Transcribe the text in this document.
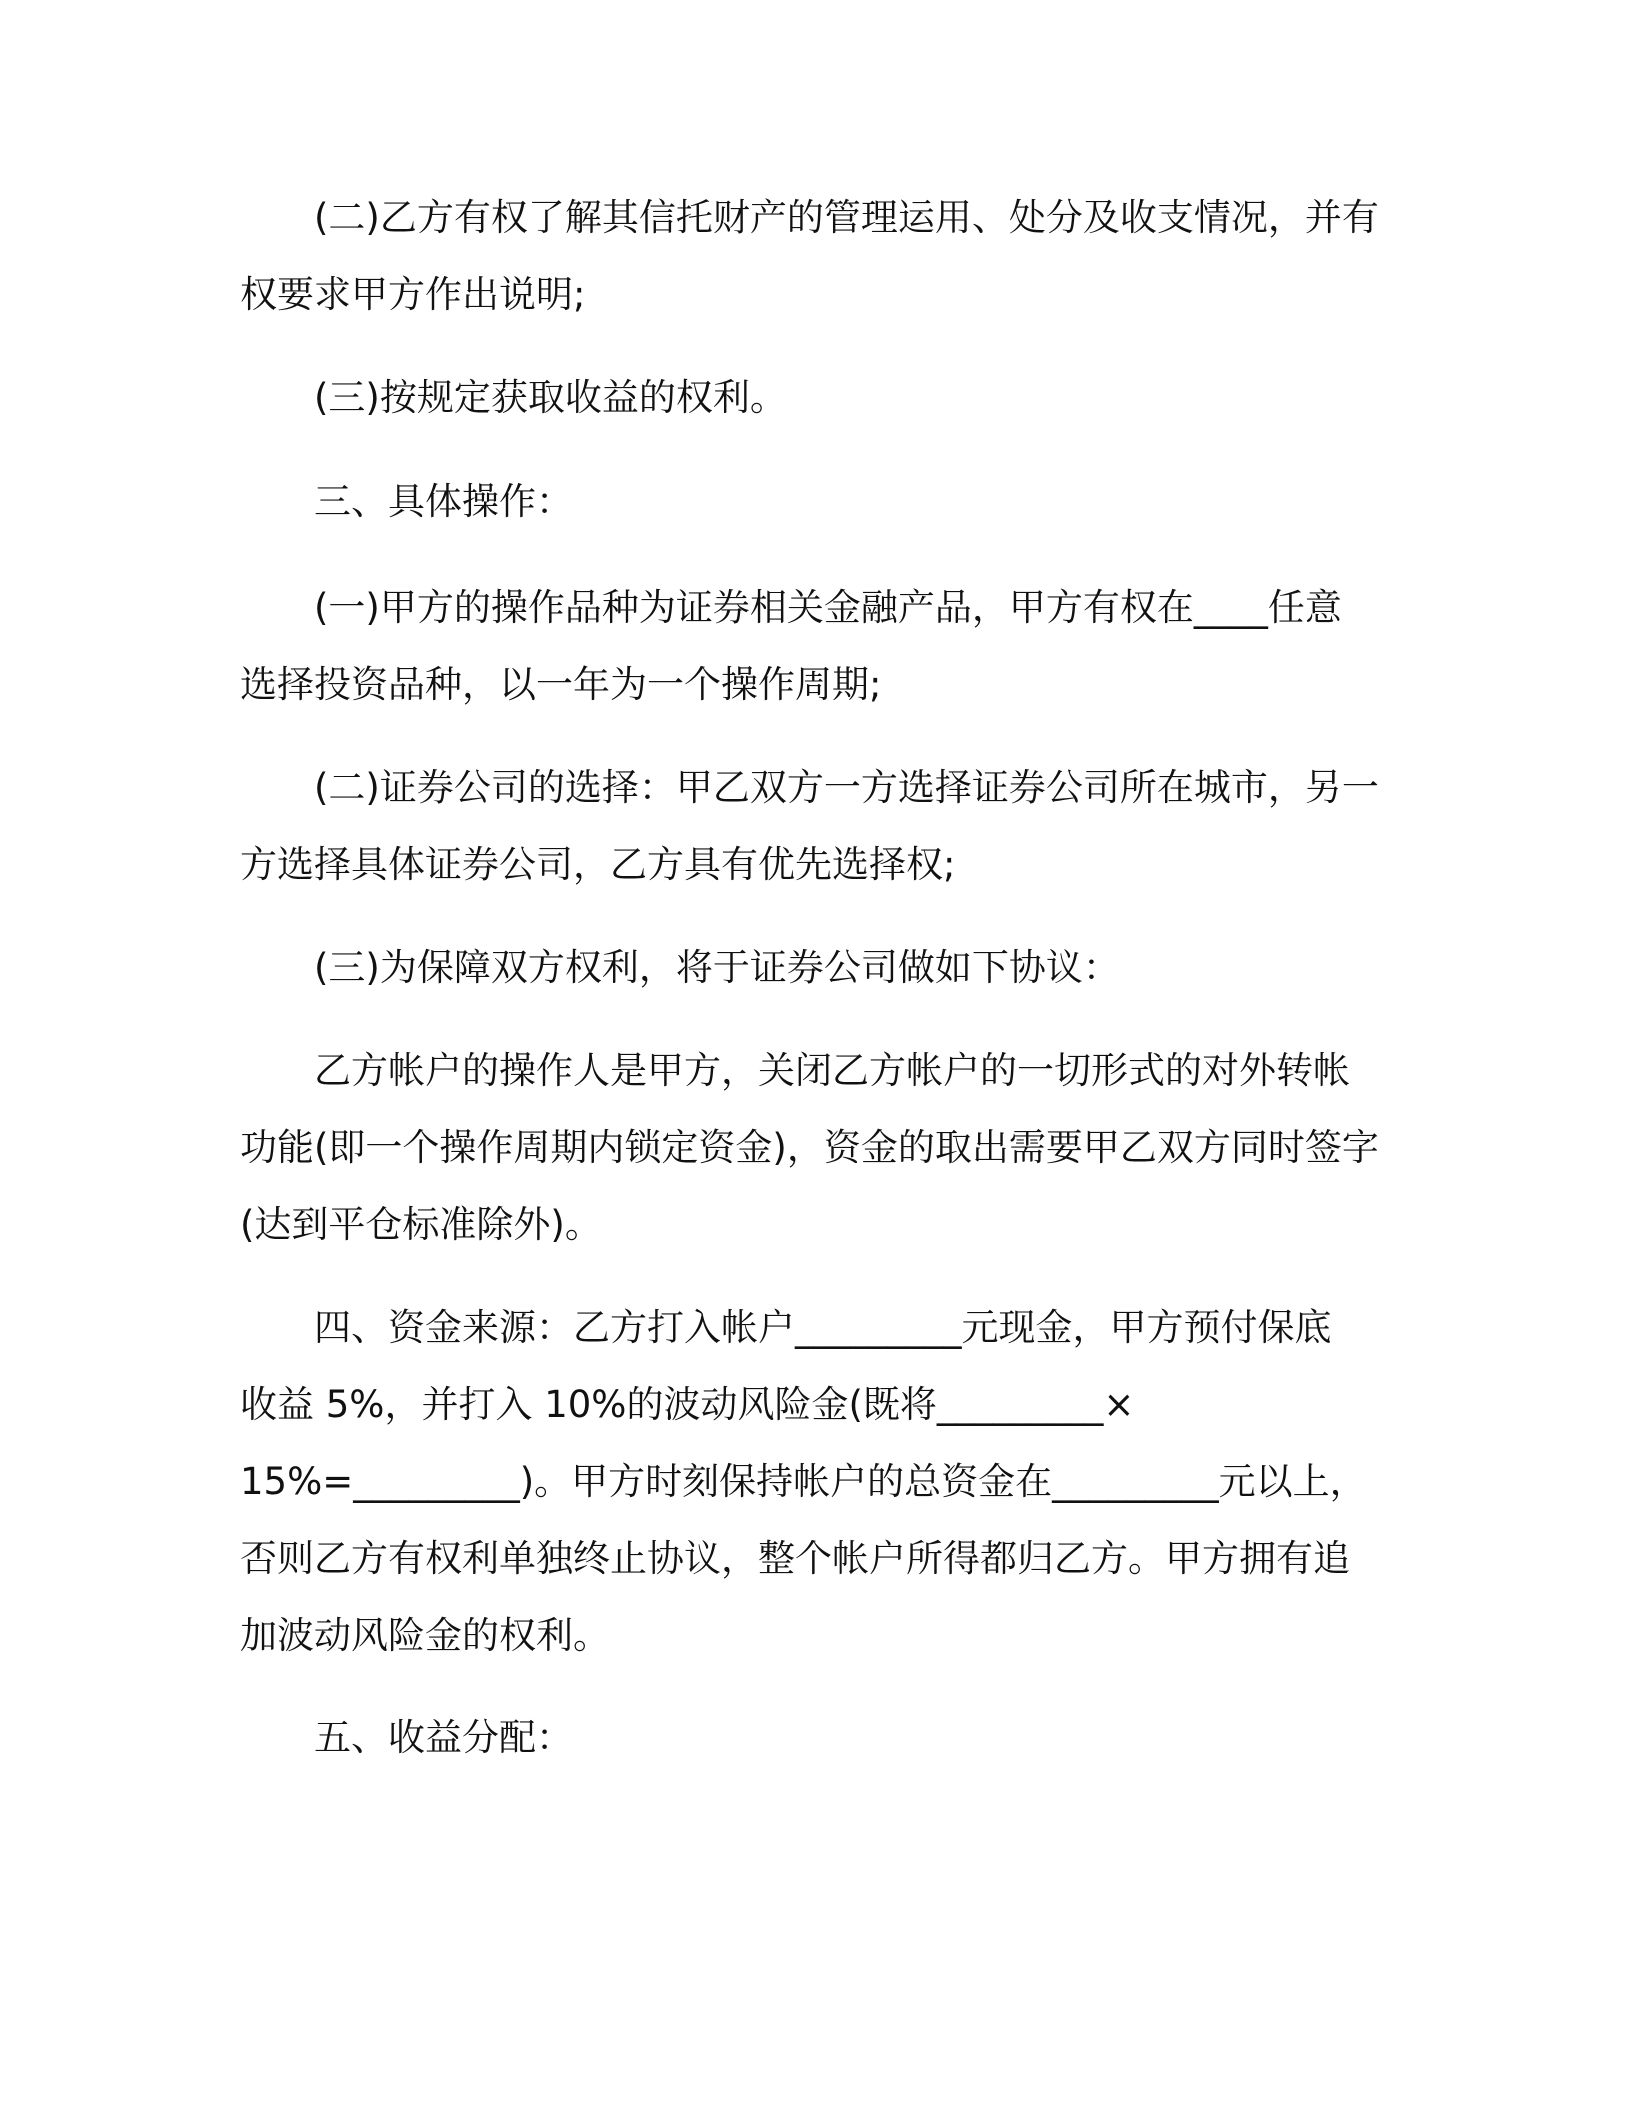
(二)乙方有权了解其信托财产的管理运用、处分及收支情况，并有
权要求甲方作出说明;
(三)按规定获取收益的权利。
三、具体操作：
(一)甲方的操作品种为证券相关金融产品，甲方有权在____任意
选择投资品种，以一年为一个操作周期;
(二)证券公司的选择：甲乙双方一方选择证券公司所在城市，另一
方选择具体证券公司，乙方具有优先选择权;
(三)为保障双方权利，将于证券公司做如下协议：
乙方帐户的操作人是甲方，关闭乙方帐户的一切形式的对外转帐
功能(即一个操作周期内锁定资金)，资金的取出需要甲乙双方同时签字
(达到平仓标准除外)。
四、资金来源：乙方打入帐户_________元现金，甲方预付保底
收益 5%，并打入 10%的波动风险金(既将_________×
15%=_________)。甲方时刻保持帐户的总资金在_________元以上，
否则乙方有权利单独终止协议，整个帐户所得都归乙方。甲方拥有追
加波动风险金的权利。
五、收益分配：
